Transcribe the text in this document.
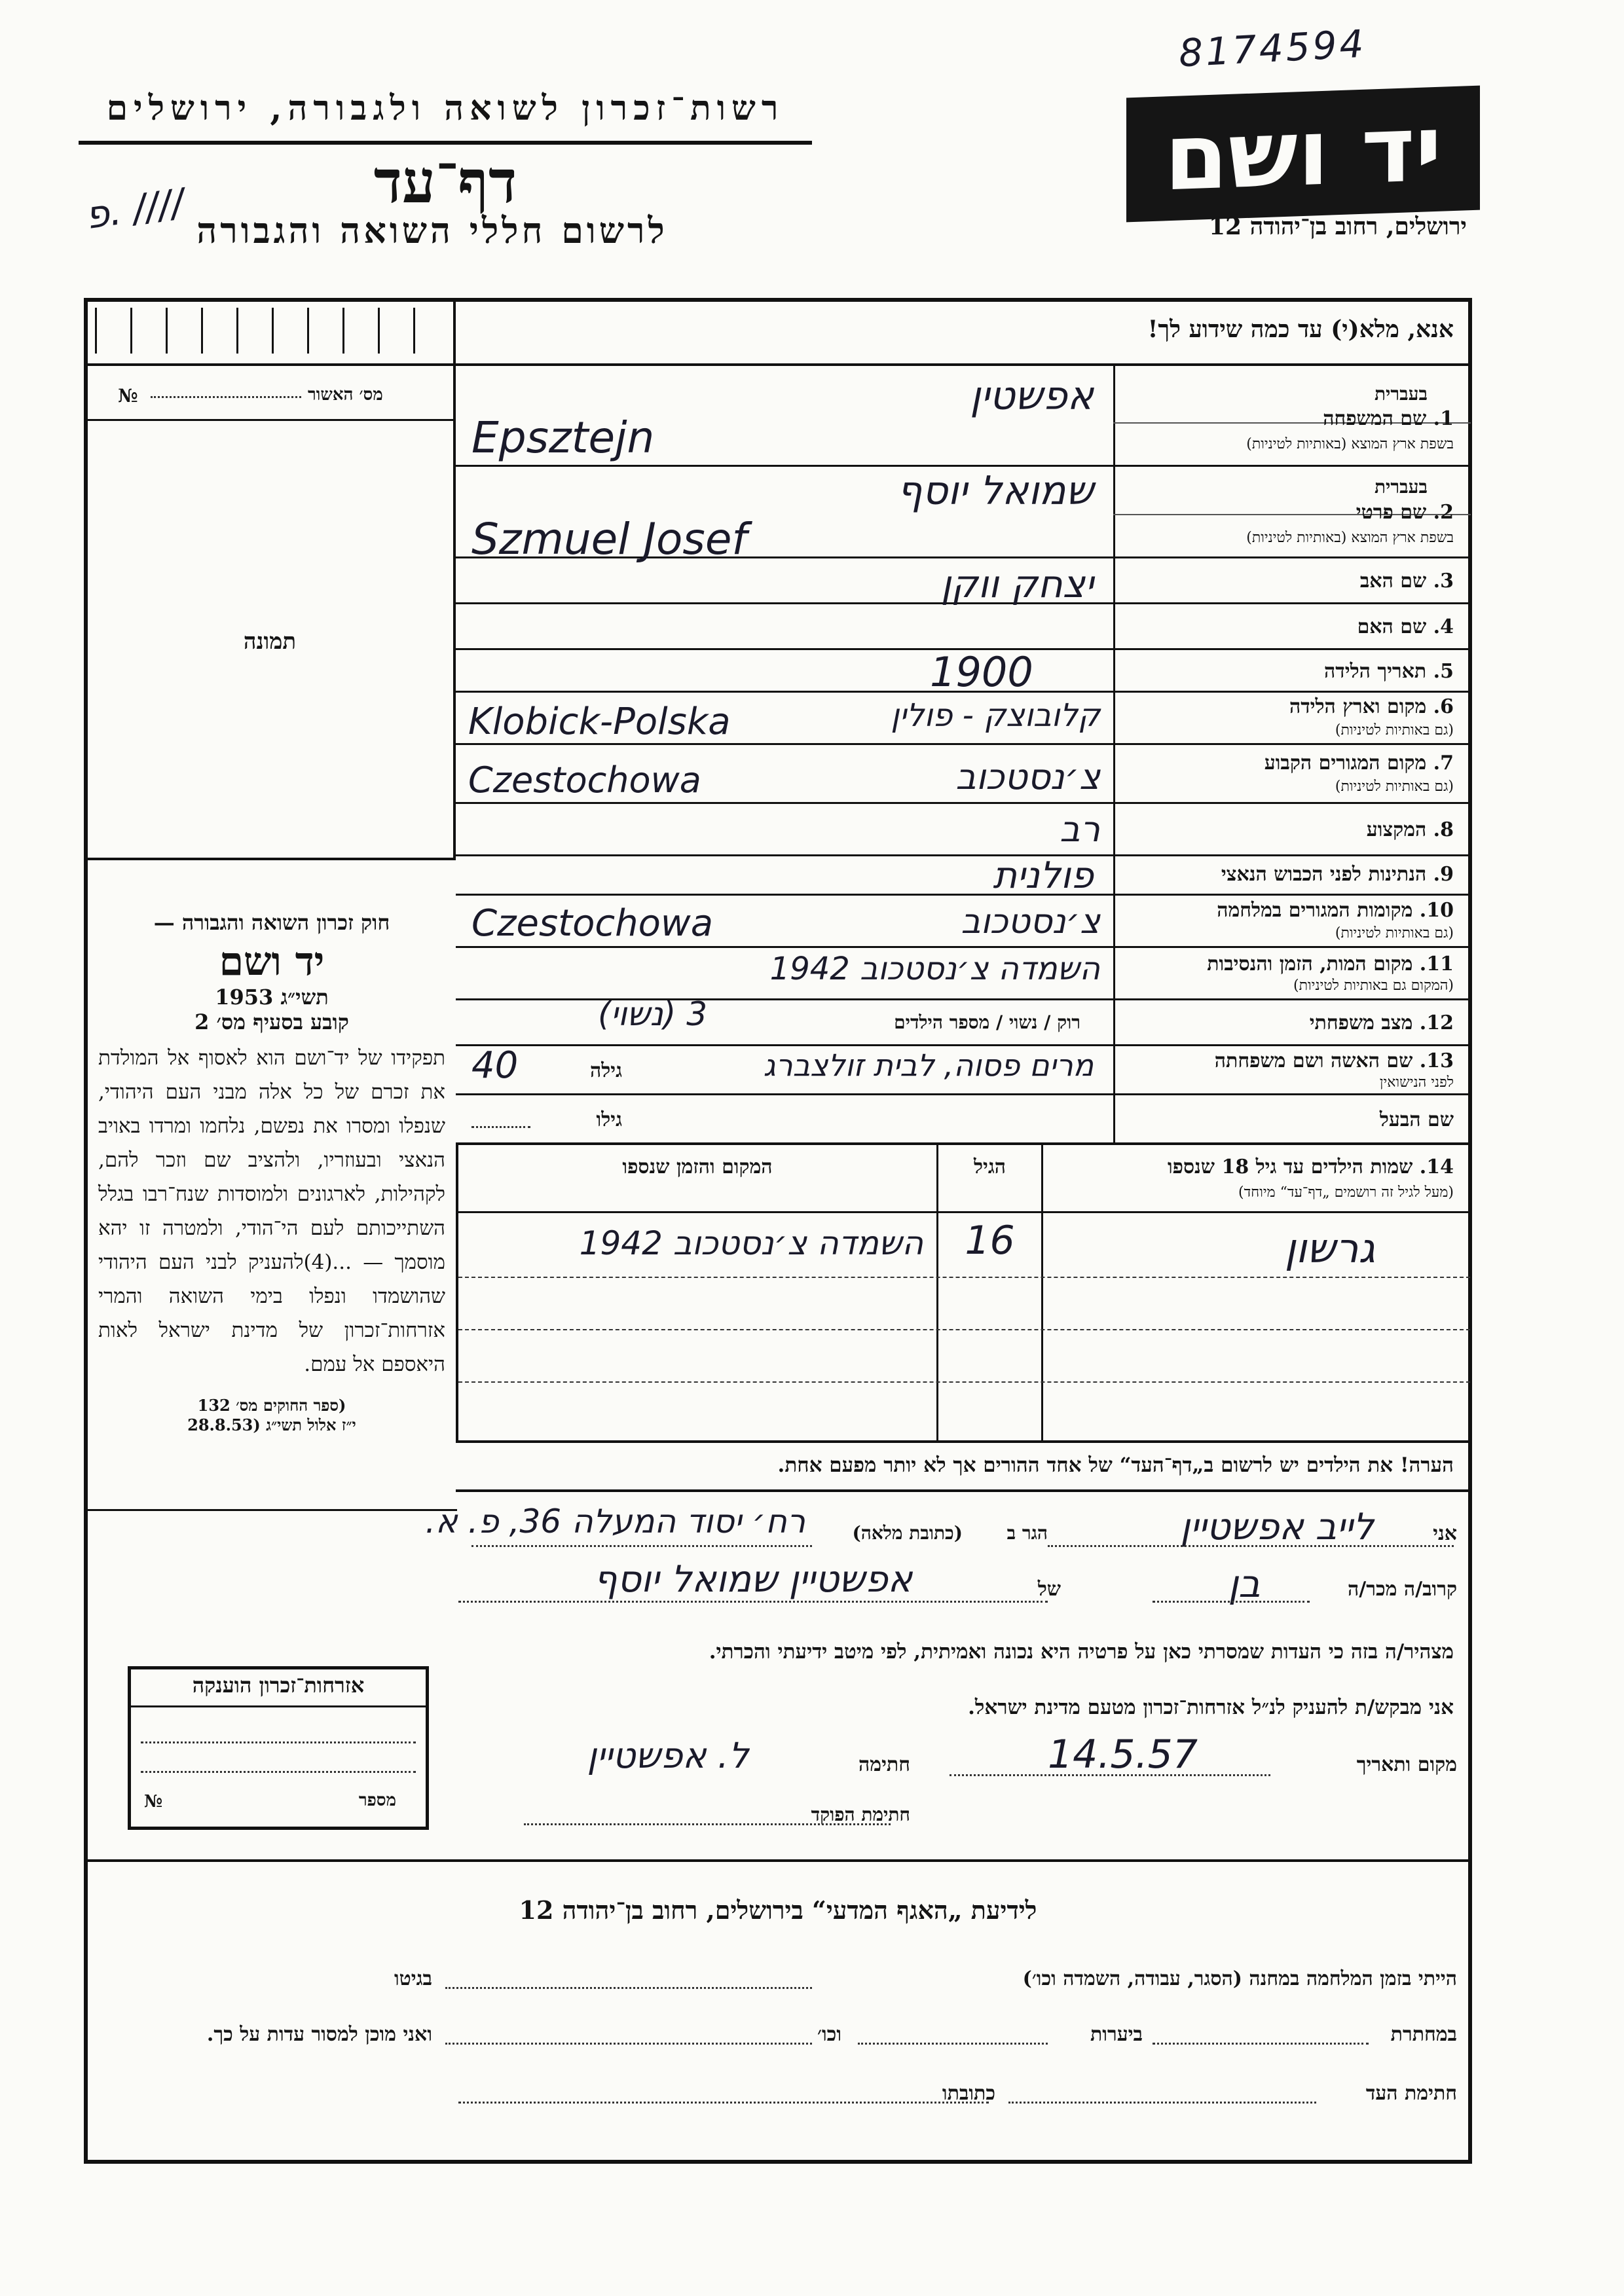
8174594
רשות־זכרון לשואה ולגבורה, ירושלים
דף־עד
לרשום חללי השואה והגבורה
פ. ////	יד ושם
ירושלים, רחוב בן־יהודה 12
אנא, מלא(י) עד כמה שידוע לך!
מס׳ האשור
№
תמונה
בעברית
1. שם המשפחה
בשפת ארץ המוצא (באותיות לטיניות)
אפשטין
Epsztejn
בעברית
2. שם פרטי
בשפת ארץ המוצא (באותיות לטיניות)
שמואל יוסף
Szmuel Josef
3. שם האב
יצחק ווקן
4. שם האם
5. תאריך הלידה
1900
6. מקום וארץ הלידה
(גם באותיות לטיניות)
קלובוצק - פולין
Klobick-Polska
7. מקום המגורים הקבוע
(גם באותיות לטיניות)
צ׳נסטכוב
Czestochowa
8. המקצוע
רב
9. הנתינות לפני הכבוש הנאצי
פולנית
10. מקומות המגורים במלחמה
(גם באותיות לטיניות)
צ׳נסטכוב
Czestochowa
11. מקום המות, הזמן והנסיבות
(המקום גם באותיות לטיניות)
השמדה צ׳נסטכוב 1942
12. מצב משפחתי
רוק / נשוי / מספר הילדים
3 (נשוי)
13. שם האשה ושם משפחתה
לפני הנישואין
מרים פסוה, לבית זולצברג
גילה
40
שם הבעל
גילו
14. שמות הילדים עד גיל 18 שנספו
(מעל לגיל זה רושמים „דף־עד“ מיוחד)
הגיל
המקום והזמן שנספו
גרשון
16
השמדה צ׳נסטכוב 1942
הערה! את הילדים יש לרשום ב„דף־העד“ של אחד ההורים אך לא יותר מפעם אחת.
חוק זכרון השואה והגבורה —
יד ושם
תשי״ג 1953
קובע בסעיף מס׳ 2
תפקידו של יד־ושם הוא לאסוף אל המולדת את זכרם של כל אלה מבני העם היהודי, שנפלו ומסרו את נפשם, נלחמו ומרדו באויב הנאצי ובעוזריו, ולהציב שם וזכר להם, לקהילות, לארגונים ולמוסדות שנח־רבו בגלל השתייכותם לעם הי־הודי, ולמטרה זו יהא מוסמך — ...(4)להעניק לבני העם היהודי שהושמדו ונפלו בימי השואה והמרי אזרחות־זכרון של מדינת ישראל לאות היאספם אל עמם.
(ספר החוקים מס׳ 132
י״ז אלול תשי״ג (28.8.53
אני
לייב אפשטיין
הגר ב
(כתובת מלאה)
רח׳ יסוד המעלה 36, פ. א.
קרוב/ה מכר/ה
בן
של
אפשטיין שמואל יוסף
מצהיר/ה בזה כי העדות שמסרתי כאן על פרטיה היא נכונה ואמיתית, לפי מיטב ידיעתי והכרתי.
אני מבקש/ת להעניק לנ״ל אזרחות־זכרון מטעם מדינת ישראל.
מקום ותאריך
14.5.57
חתימה
ל. אפשטיין
חתימת הפוקד
אזרחות־זכרון הוענקה
מספר
№
לידיעת „האגף המדעי“ בירושלים, רחוב בן־יהודה 12
הייתי בזמן המלחמה במחנה (הסגר, עבודה, השמדה וכו׳)
בגיטו
במחתרת
ביערות
וכו׳
ואני מוכן למסור עדות על כך.
חתימת העד
כתובתו
